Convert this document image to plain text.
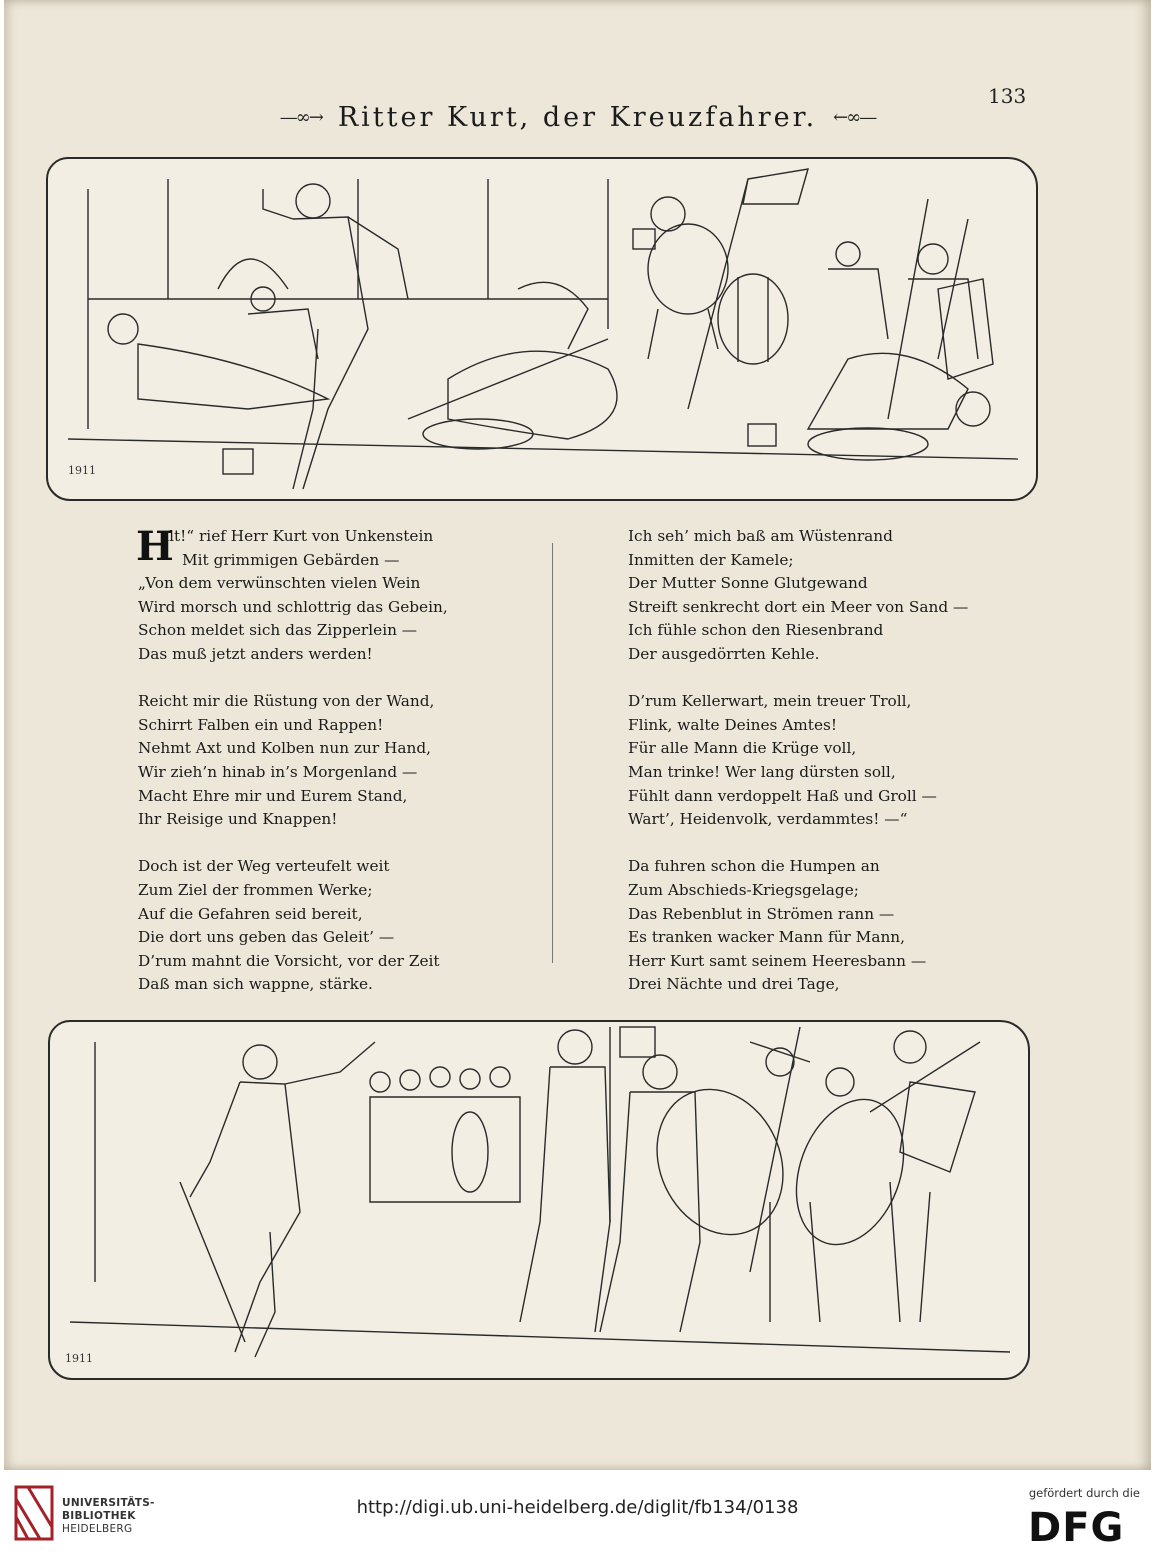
133
—∞→ Ritter Kurt, der Kreuzfahrer. ←∞—
1911
H
alt!“ rief Herr Kurt von Unkenstein
Mit grimmigen Gebärden —
„Von dem verwünschten vielen Wein
Wird morsch und schlottrig das Gebein,
Schon meldet sich das Zipperlein —
Das muß jetzt anders werden!
Reicht mir die Rüstung von der Wand,
Schirrt Falben ein und Rappen!
Nehmt Axt und Kolben nun zur Hand,
Wir zieh’n hinab in’s Morgenland —
Macht Ehre mir und Eurem Stand,
Ihr Reisige und Knappen!
Doch ist der Weg verteufelt weit
Zum Ziel der frommen Werke;
Auf die Gefahren seid bereit,
Die dort uns geben das Geleit’ —
D’rum mahnt die Vorsicht, vor der Zeit
Daß man sich wappne, stärke.
Ich seh’ mich baß am Wüstenrand
Inmitten der Kamele;
Der Mutter Sonne Glutgewand
Streift senkrecht dort ein Meer von Sand —
Ich fühle schon den Riesenbrand
Der ausgedörrten Kehle.
D’rum Kellerwart, mein treuer Troll,
Flink, walte Deines Amtes!
Für alle Mann die Krüge voll,
Man trinke! Wer lang dürsten soll,
Fühlt dann verdoppelt Haß und Groll —
Wart’, Heidenvolk, verdammtes! —“
Da fuhren schon die Humpen an
Zum Abschieds-Kriegsgelage;
Das Rebenblut in Strömen rann —
Es tranken wacker Mann für Mann,
Herr Kurt samt seinem Heeresbann —
Drei Nächte und drei Tage,
1911
UNIVERSITÄTS-
BIBLIOTHEK
HEIDELBERG
http://digi.ub.uni-heidelberg.de/diglit/fb134/0138
gefördert durch die
DFG
